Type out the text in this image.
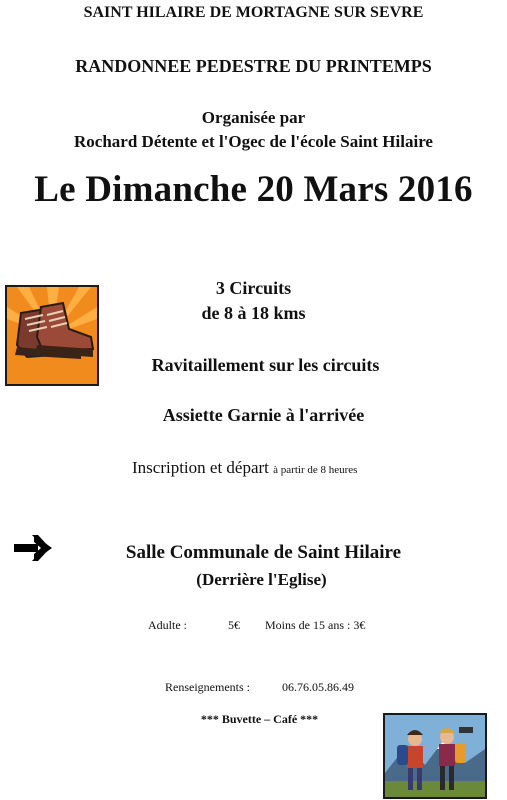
SAINT HILAIRE DE MORTAGNE SUR SEVRE
RANDONNEE PEDESTRE DU PRINTEMPS
Organisée par
Rochard Détente et l'Ogec de l'école Saint Hilaire
Le Dimanche 20 Mars 2016
3 Circuits
de 8 à 18 kms
Ravitaillement sur les circuits
Assiette Garnie à l'arrivée
Inscription et départ à partir de 8 heures
Salle Communale de Saint Hilaire
(Derrière l'Eglise)
Adulte :	5€ Moins de 15 ans : 3€
Renseignements :	06.76.05.86.49
*** Buvette – Café ***
